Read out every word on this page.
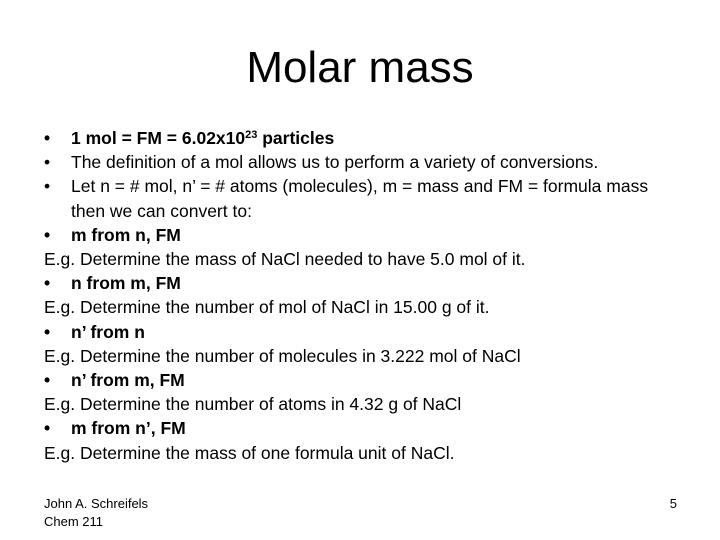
Molar mass
• 1 mol = FM = $6.02x10^{23}$ particles
• The definition of a mol allows us to perform a variety of conversions.
• Let n = # mol, n’ = # atoms (molecules), m = mass and FM = formula mass then we can convert to:
• m from n, FM
E.g. Determine the mass of NaCl needed to have 5.0 mol of it.
• n from m, FM
E.g. Determine the number of mol of NaCl in 15.00 g of it.
• n’ from n
E.g. Determine the number of molecules in 3.222 mol of NaCl
• n’ from m, FM
E.g. Determine the number of atoms in 4.32 g of NaCl
• m from n’, FM
E.g. Determine the mass of one formula unit of NaCl.
John A. Schreifels
Chem 211
5
